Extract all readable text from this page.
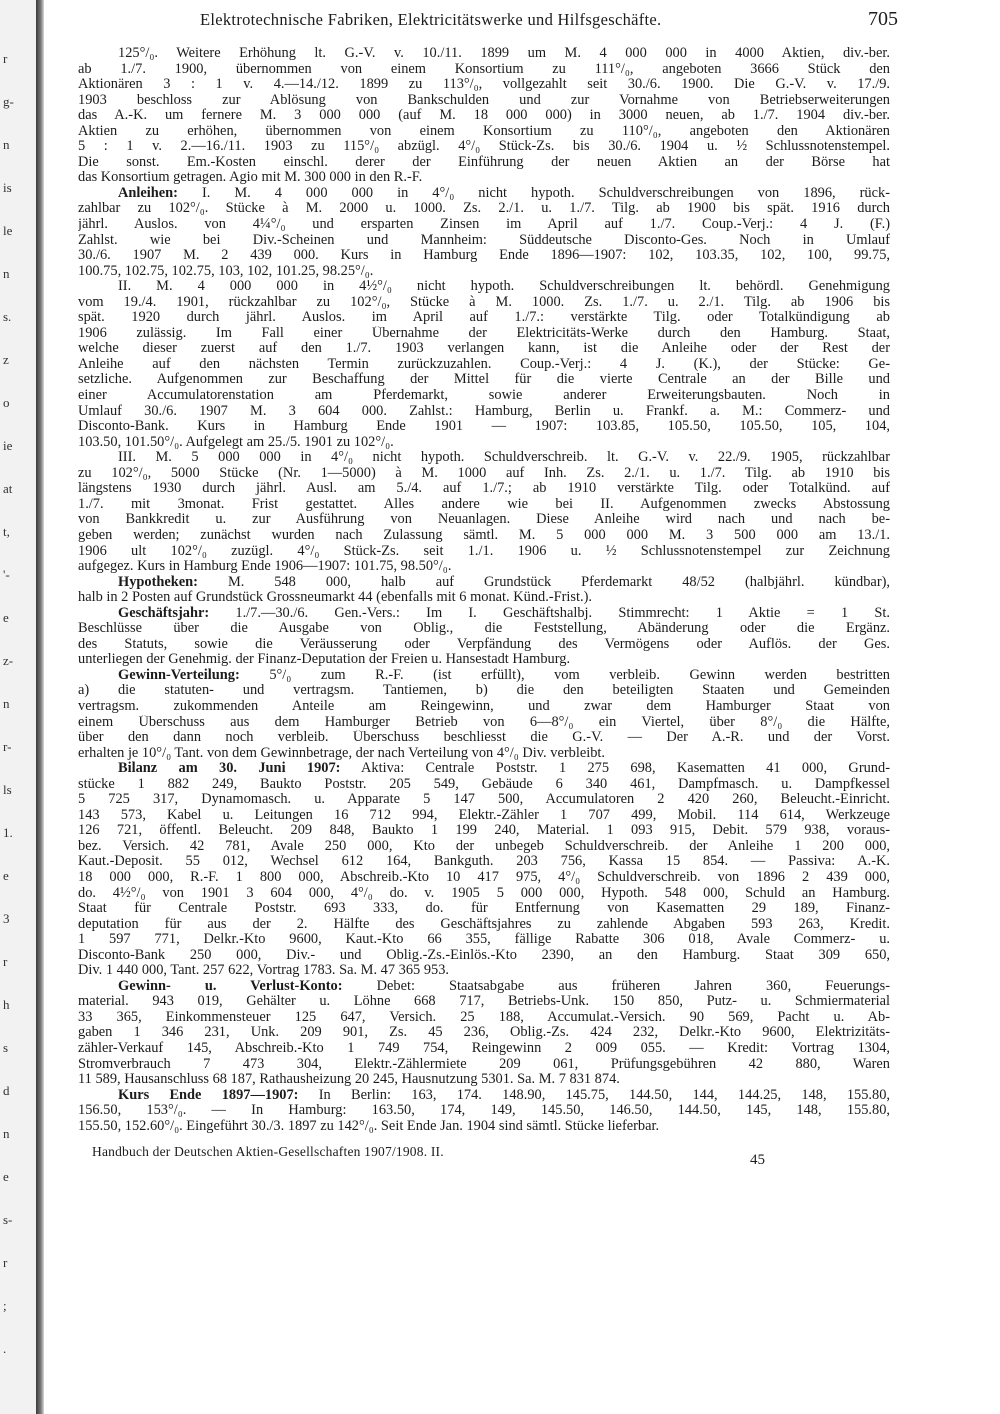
r
g-
n
is
le
n
s.
z
o
ie
at
t,
'-
e
z-
n
r-
ls
1.
e
3
r
h
s
d
n
e
s-
r
;
.
Elektrotechnische Fabriken, Elektricitätswerke und Hilfsgeschäfte.	705
125°/₀. Weitere Erhöhung lt. G.-V. v. 10./11. 1899 um M. 4 000 000 in 4000 Aktien, div.-ber.
ab 1./7. 1900, übernommen von einem Konsortium zu 111°/₀, angeboten 3666 Stück den
Aktionären 3 : 1 v. 4.—14./12. 1899 zu 113°/₀, vollgezahlt seit 30./6. 1900. Die G.-V. v. 17./9.
1903 beschloss zur Ablösung von Bankschulden und zur Vornahme von Betriebserweiterungen
das A.-K. um fernere M. 3 000 000 (auf M. 18 000 000) in 3000 neuen, ab 1./7. 1904 div.-ber.
Aktien zu erhöhen, übernommen von einem Konsortium zu 110°/₀, angeboten den Aktionären
5 : 1 v. 2.—16./11. 1903 zu 115°/₀ abzügl. 4°/₀ Stück-Zs. bis 30./6. 1904 u. ½ Schlussnotenstempel.
Die sonst. Em.-Kosten einschl. derer der Einführung der neuen Aktien an der Börse hat
das Konsortium getragen. Agio mit M. 300 000 in den R.-F.
Anleihen: I. M. 4 000 000 in 4°/₀ nicht hypoth. Schuldverschreibungen von 1896, rück-
zahlbar zu 102°/₀. Stücke à M. 2000 u. 1000. Zs. 2./1. u. 1./7. Tilg. ab 1900 bis spät. 1916 durch
jährl. Auslos. von 4¼°/₀ und ersparten Zinsen im April auf 1./7. Coup.-Verj.: 4 J. (F.)
Zahlst. wie bei Div.-Scheinen und Mannheim: Süddeutsche Disconto-Ges. Noch in Umlauf
30./6. 1907 M. 2 439 000. Kurs in Hamburg Ende 1896—1907: 102, 103.35, 102, 100, 99.75,
100.75, 102.75, 102.75, 103, 102, 101.25, 98.25°/₀.
II. M. 4 000 000 in 4½°/₀ nicht hypoth. Schuldverschreibungen lt. behördl. Genehmigung
vom 19./4. 1901, rückzahlbar zu 102°/₀, Stücke à M. 1000. Zs. 1./7. u. 2./1. Tilg. ab 1906 bis
spät. 1920 durch jährl. Auslos. im April auf 1./7.: verstärkte Tilg. oder Totalkündigung ab
1906 zulässig. Im Fall einer Übernahme der Elektricitäts-Werke durch den Hamburg. Staat,
welche dieser zuerst auf den 1./7. 1903 verlangen kann, ist die Anleihe oder der Rest der
Anleihe auf den nächsten Termin zurückzuzahlen. Coup.-Verj.: 4 J. (K.), der Stücke: Ge-
setzliche. Aufgenommen zur Beschaffung der Mittel für die vierte Centrale an der Bille und
einer Accumulatorenstation am Pferdemarkt, sowie anderer Erweiterungsbauten. Noch in
Umlauf 30./6. 1907 M. 3 604 000. Zahlst.: Hamburg, Berlin u. Frankf. a. M.: Commerz- und
Disconto-Bank. Kurs in Hamburg Ende 1901 — 1907: 103.85, 105.50, 105.50, 105, 104,
103.50, 101.50°/₀. Aufgelegt am 25./5. 1901 zu 102°/₀.
III. M. 5 000 000 in 4°/₀ nicht hypoth. Schuldverschreib. lt. G.-V. v. 22./9. 1905, rückzahlbar
zu 102°/₀, 5000 Stücke (Nr. 1—5000) à M. 1000 auf Inh. Zs. 2./1. u. 1./7. Tilg. ab 1910 bis
längstens 1930 durch jährl. Ausl. am 5./4. auf 1./7.; ab 1910 verstärkte Tilg. oder Totalkünd. auf
1./7. mit 3monat. Frist gestattet. Alles andere wie bei II. Aufgenommen zwecks Abstossung
von Bankkredit u. zur Ausführung von Neuanlagen. Diese Anleihe wird nach und nach be-
geben werden; zunächst wurden nach Zulassung sämtl. M. 5 000 000 M. 3 500 000 am 13./1.
1906 ult 102°/₀ zuzügl. 4°/₀ Stück-Zs. seit 1./1. 1906 u. ½ Schlussnotenstempel zur Zeichnung
aufgegez. Kurs in Hamburg Ende 1906—1907: 101.75, 98.50°/₀.
Hypotheken: M. 548 000, halb auf Grundstück Pferdemarkt 48/52 (halbjährl. kündbar),
halb in 2 Posten auf Grundstück Grossneumarkt 44 (ebenfalls mit 6 monat. Künd.-Frist.).
Geschäftsjahr: 1./7.—30./6. Gen.-Vers.: Im I. Geschäftshalbj. Stimmrecht: 1 Aktie = 1 St.
Beschlüsse über die Ausgabe von Oblig., die Feststellung, Abänderung oder die Ergänz.
des Statuts, sowie die Veräusserung oder Verpfändung des Vermögens oder Auflös. der Ges.
unterliegen der Genehmig. der Finanz-Deputation der Freien u. Hansestadt Hamburg.
Gewinn-Verteilung: 5°/₀ zum R.-F. (ist erfüllt), vom verbleib. Gewinn werden bestritten
a) die statuten- und vertragsm. Tantiemen, b) die den beteiligten Staaten und Gemeinden
vertragsm. zukommenden Anteile am Reingewinn, und zwar dem Hamburger Staat von
einem Überschuss aus dem Hamburger Betrieb von 6—8°/₀ ein Viertel, über 8°/₀ die Hälfte,
über den dann noch verbleib. Überschuss beschliesst die G.-V. — Der A.-R. und der Vorst.
erhalten je 10°/₀ Tant. von dem Gewinnbetrage, der nach Verteilung von 4°/₀ Div. verbleibt.
Bilanz am 30. Juni 1907: Aktiva: Centrale Poststr. 1 275 698, Kasematten 41 000, Grund-
stücke 1 882 249, Baukto Poststr. 205 549, Gebäude 6 340 461, Dampfmasch. u. Dampfkessel
5 725 317, Dynamomasch. u. Apparate 5 147 500, Accumulatoren 2 420 260, Beleucht.-Einricht.
143 573, Kabel u. Leitungen 16 712 994, Elektr.-Zähler 1 707 499, Mobil. 114 614, Werkzeuge
126 721, öffentl. Beleucht. 209 848, Baukto 1 199 240, Material. 1 093 915, Debit. 579 938, voraus-
bez. Versich. 42 781, Avale 250 000, Kto der unbegeb Schuldverschreib. der Anleihe 1 200 000,
Kaut.-Deposit. 55 012, Wechsel 612 164, Bankguth. 203 756, Kassa 15 854. — Passiva: A.-K.
18 000 000, R.-F. 1 800 000, Abschreib.-Kto 10 417 975, 4°/₀ Schuldverschreib. von 1896 2 439 000,
do. 4½°/₀ von 1901 3 604 000, 4°/₀ do. v. 1905 5 000 000, Hypoth. 548 000, Schuld an Hamburg.
Staat für Centrale Poststr. 693 333, do. für Entfernung von Kasematten 29 189, Finanz-
deputation für aus der 2. Hälfte des Geschäftsjahres zu zahlende Abgaben 593 263, Kredit.
1 597 771, Delkr.-Kto 9600, Kaut.-Kto 66 355, fällige Rabatte 306 018, Avale Commerz- u.
Disconto-Bank 250 000, Div.- und Oblig.-Zs.-Einlös.-Kto 2390, an den Hamburg. Staat 309 650,
Div. 1 440 000, Tant. 257 622, Vortrag 1783. Sa. M. 47 365 953.
Gewinn- u. Verlust-Konto: Debet: Staatsabgabe aus früheren Jahren 360, Feuerungs-
material. 943 019, Gehälter u. Löhne 668 717, Betriebs-Unk. 150 850, Putz- u. Schmiermaterial
33 365, Einkommensteuer 125 647, Versich. 25 188, Accumulat.-Versich. 90 569, Pacht u. Ab-
gaben 1 346 231, Unk. 209 901, Zs. 45 236, Oblig.-Zs. 424 232, Delkr.-Kto 9600, Elektrizitäts-
zähler-Verkauf 145, Abschreib.-Kto 1 749 754, Reingewinn 2 009 055. — Kredit: Vortrag 1304,
Stromverbrauch 7 473 304, Elektr.-Zählermiete 209 061, Prüfungsgebühren 42 880, Waren
11 589, Hausanschluss 68 187, Rathausheizung 20 245, Hausnutzung 5301. Sa. M. 7 831 874.
Kurs Ende 1897—1907: In Berlin: 163, 174. 148.90, 145.75, 144.50, 144, 144.25, 148, 155.80,
156.50, 153°/₀. — In Hamburg: 163.50, 174, 149, 145.50, 146.50, 144.50, 145, 148, 155.80,
155.50, 152.60°/₀. Eingeführt 30./3. 1897 zu 142°/₀. Seit Ende Jan. 1904 sind sämtl. Stücke lieferbar.
Handbuch der Deutschen Aktien-Gesellschaften 1907/1908. II.
45
